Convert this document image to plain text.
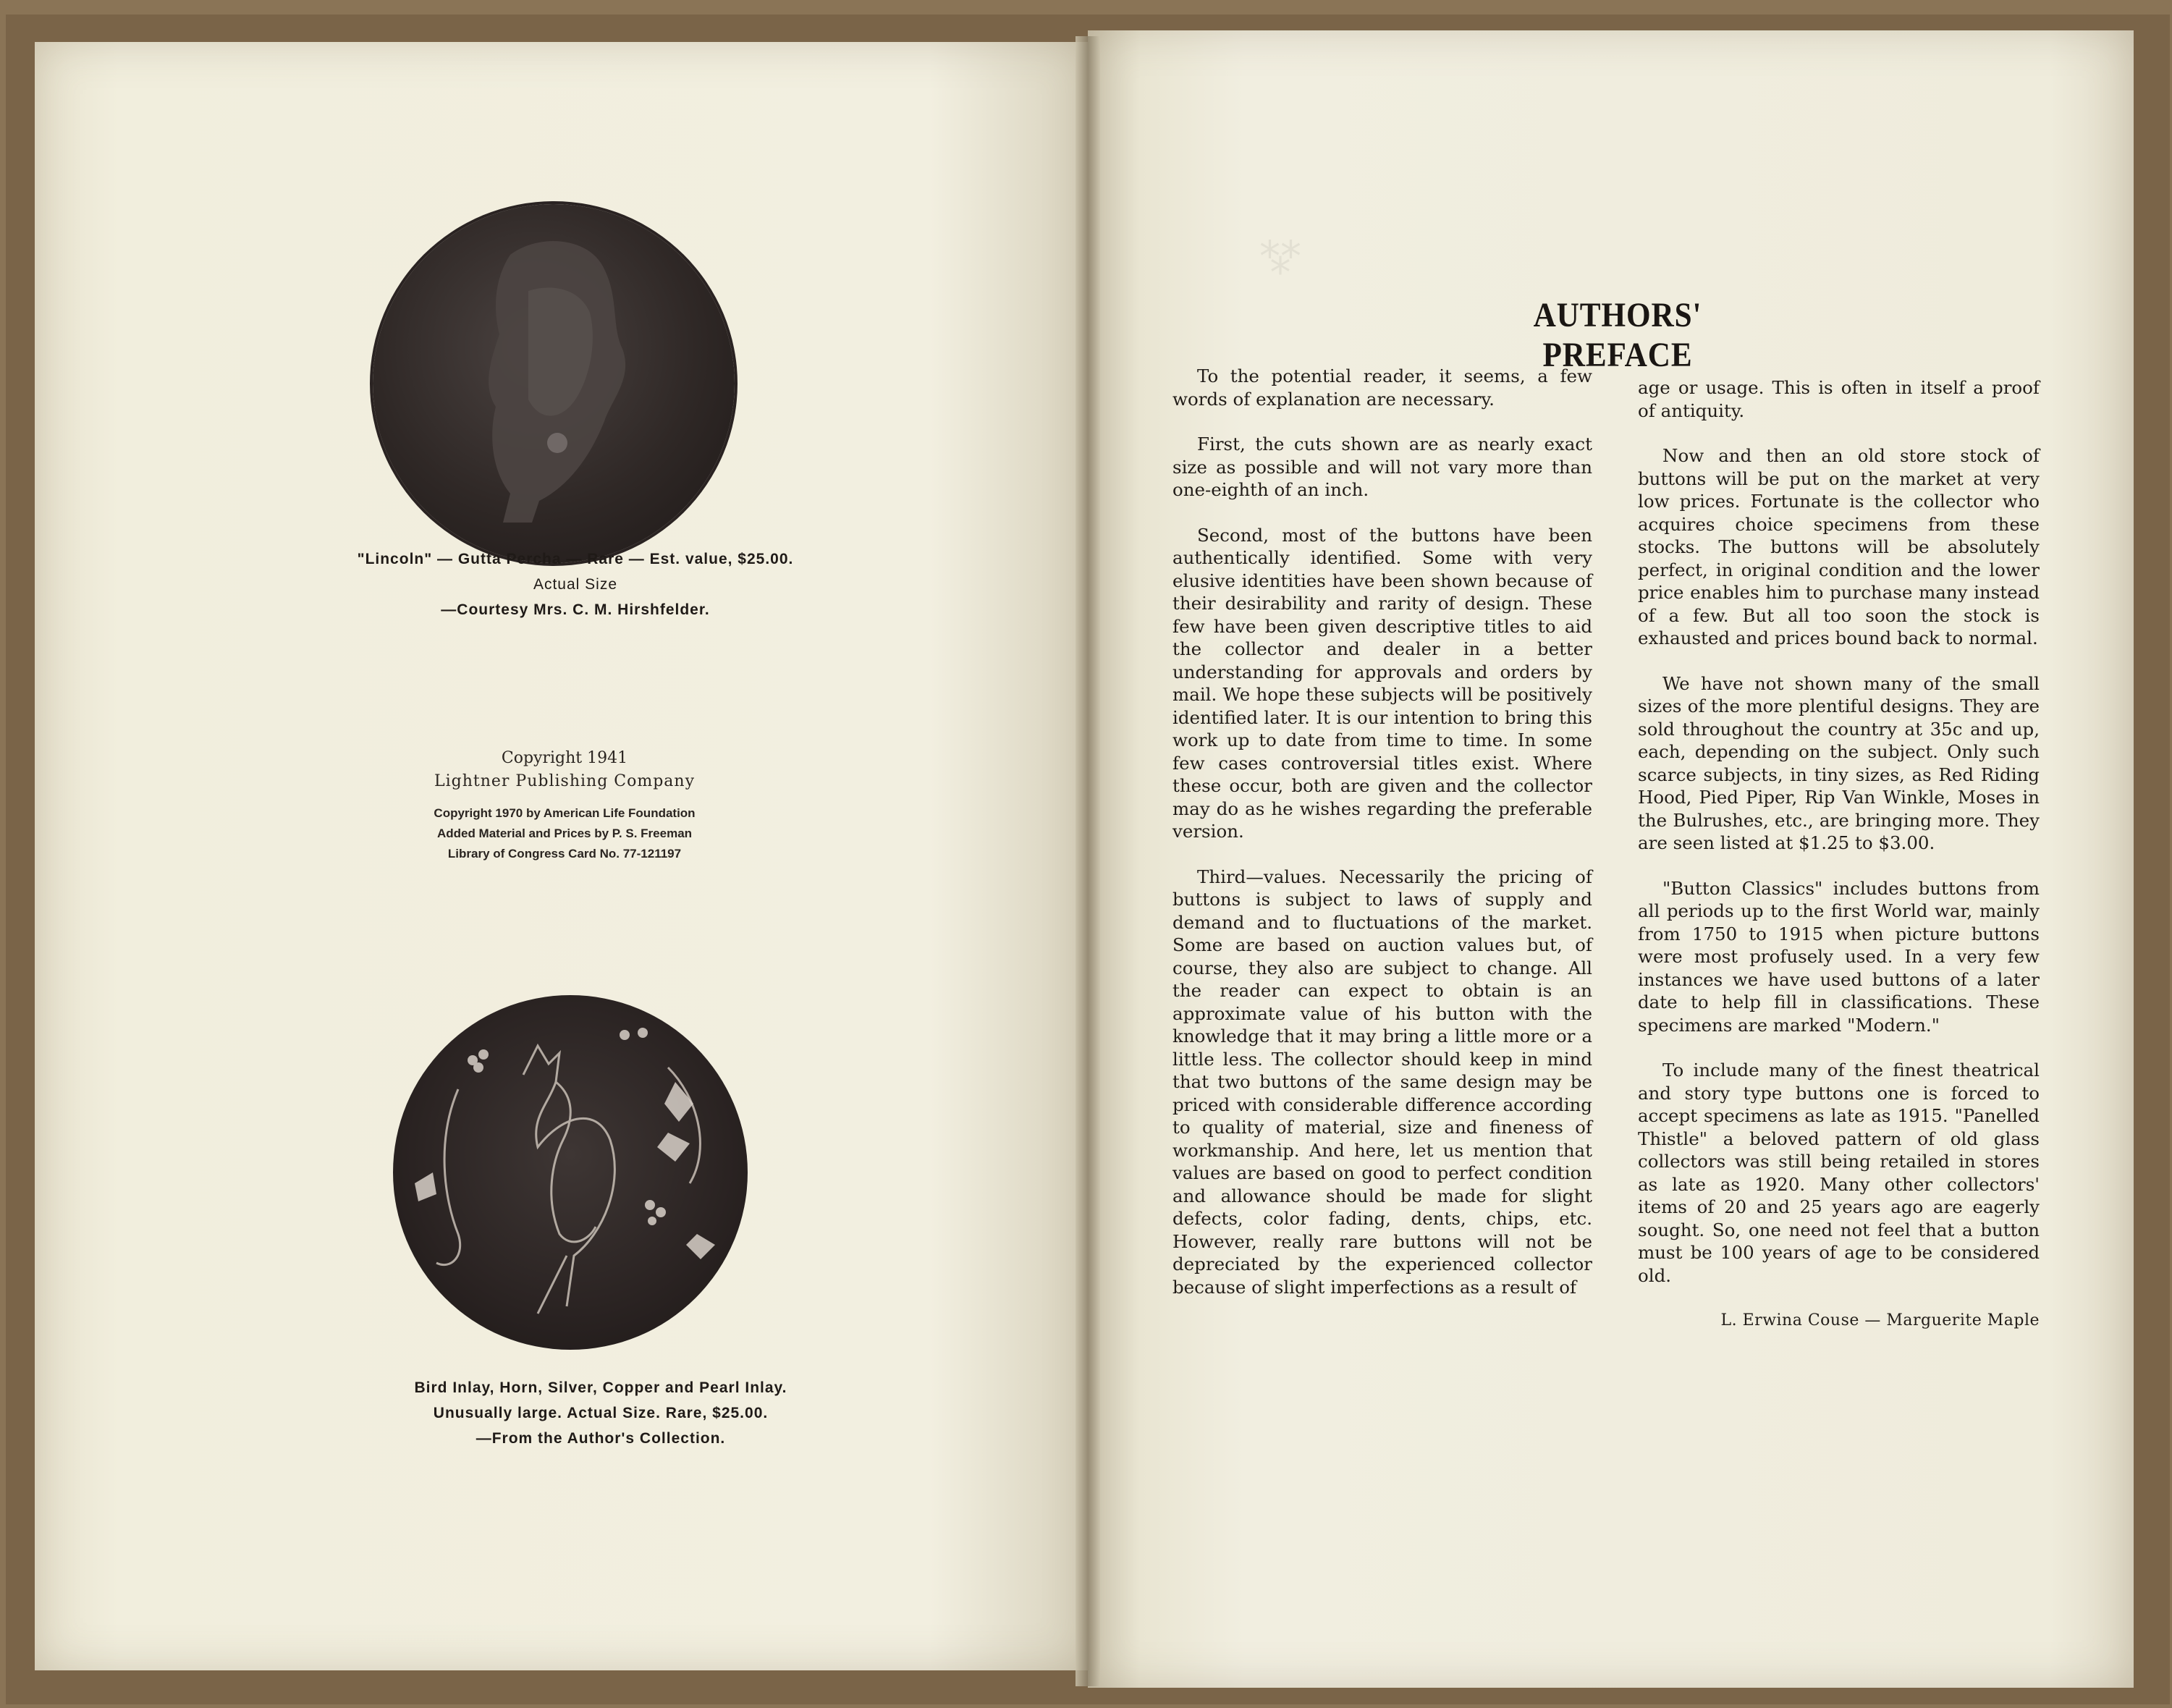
⁂
"Lincoln" — Gutta Percha — Rare — Est. value, $25.00.
Actual Size
—Courtesy Mrs. C. M. Hirshfelder.
Copyright 1941
Lightner Publishing Company
Copyright 1970 by American Life Foundation
Added Material and Prices by P. S. Freeman
Library of Congress Card No. 77-121197
Bird Inlay, Horn, Silver, Copper and Pearl Inlay.
Unusually large. Actual Size. Rare, $25.00.
—From the Author's Collection.
AUTHORS' PREFACE

To the potential reader, it seems, a few words of explanation are necessary.

First, the cuts shown are as nearly exact size as possible and will not vary more than one-eighth of an inch.

Second, most of the buttons have been authentically identified. Some with very elusive identities have been shown because of their desirability and rarity of design. These few have been given descriptive titles to aid the collector and dealer in a better understanding for approvals and orders by mail. We hope these subjects will be positively identified later. It is our intention to bring this work up to date from time to time. In some few cases controversial titles exist. Where these occur, both are given and the collector may do as he wishes regarding the preferable version.

Third—values. Necessarily the pricing of buttons is subject to laws of supply and demand and to fluctuations of the market. Some are based on auction values but, of course, they also are subject to change. All the reader can expect to obtain is an approximate value of his button with the knowledge that it may bring a little more or a little less. The collector should keep in mind that two buttons of the same design may be priced with considerable difference according to quality of material, size and fineness of workmanship. And here, let us mention that values are based on good to perfect condition and allowance should be made for slight defects, color fading, dents, chips, etc. However, really rare buttons will not be depreciated by the experienced collector because of slight imperfections as a result of

age or usage. This is often in itself a proof of antiquity.

Now and then an old store stock of buttons will be put on the market at very low prices. Fortunate is the collector who acquires choice specimens from these stocks. The buttons will be absolutely perfect, in original condition and the lower price enables him to purchase many instead of a few. But all too soon the stock is exhausted and prices bound back to normal.

We have not shown many of the small sizes of the more plentiful designs. They are sold throughout the country at 35c and up, each, depending on the subject. Only such scarce subjects, in tiny sizes, as Red Riding Hood, Pied Piper, Rip Van Winkle, Moses in the Bulrushes, etc., are bringing more. They are seen listed at $1.25 to $3.00.

"Button Classics" includes buttons from all periods up to the first World war, mainly from 1750 to 1915 when picture buttons were most profusely used. In a very few instances we have used buttons of a later date to help fill in classifications. These specimens are marked "Modern."

To include many of the finest theatrical and story type buttons one is forced to accept specimens as late as 1915. "Panelled Thistle" a beloved pattern of old glass collectors was still being retailed in stores as late as 1920. Many other collectors' items of 20 and 25 years ago are eagerly sought. So, one need not feel that a button must be 100 years of age to be considered old.

L. Erwina Couse — Marguerite Maple
